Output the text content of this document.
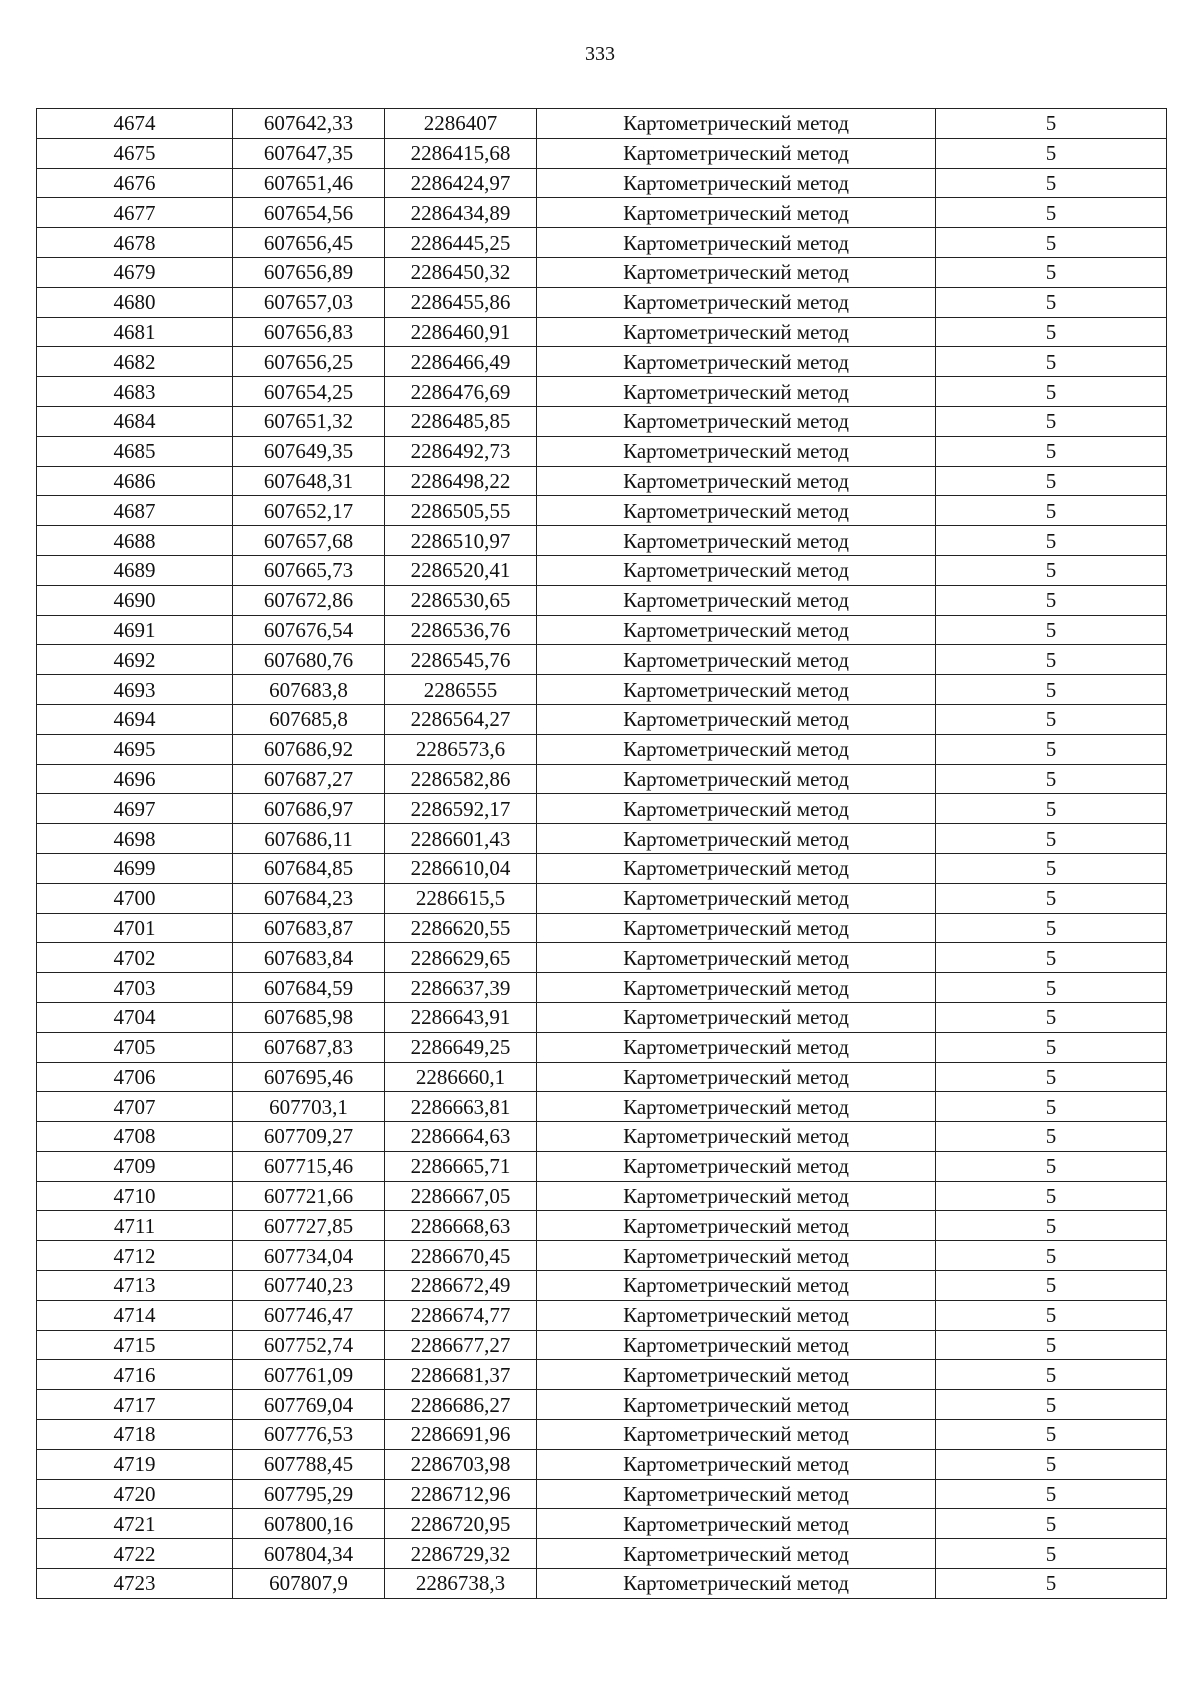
333
4674	607642,33	2286407	Картометрический метод	5
4675	607647,35	2286415,68	Картометрический метод	5
4676	607651,46	2286424,97	Картометрический метод	5
4677	607654,56	2286434,89	Картометрический метод	5
4678	607656,45	2286445,25	Картометрический метод	5
4679	607656,89	2286450,32	Картометрический метод	5
4680	607657,03	2286455,86	Картометрический метод	5
4681	607656,83	2286460,91	Картометрический метод	5
4682	607656,25	2286466,49	Картометрический метод	5
4683	607654,25	2286476,69	Картометрический метод	5
4684	607651,32	2286485,85	Картометрический метод	5
4685	607649,35	2286492,73	Картометрический метод	5
4686	607648,31	2286498,22	Картометрический метод	5
4687	607652,17	2286505,55	Картометрический метод	5
4688	607657,68	2286510,97	Картометрический метод	5
4689	607665,73	2286520,41	Картометрический метод	5
4690	607672,86	2286530,65	Картометрический метод	5
4691	607676,54	2286536,76	Картометрический метод	5
4692	607680,76	2286545,76	Картометрический метод	5
4693	607683,8	2286555	Картометрический метод	5
4694	607685,8	2286564,27	Картометрический метод	5
4695	607686,92	2286573,6	Картометрический метод	5
4696	607687,27	2286582,86	Картометрический метод	5
4697	607686,97	2286592,17	Картометрический метод	5
4698	607686,11	2286601,43	Картометрический метод	5
4699	607684,85	2286610,04	Картометрический метод	5
4700	607684,23	2286615,5	Картометрический метод	5
4701	607683,87	2286620,55	Картометрический метод	5
4702	607683,84	2286629,65	Картометрический метод	5
4703	607684,59	2286637,39	Картометрический метод	5
4704	607685,98	2286643,91	Картометрический метод	5
4705	607687,83	2286649,25	Картометрический метод	5
4706	607695,46	2286660,1	Картометрический метод	5
4707	607703,1	2286663,81	Картометрический метод	5
4708	607709,27	2286664,63	Картометрический метод	5
4709	607715,46	2286665,71	Картометрический метод	5
4710	607721,66	2286667,05	Картометрический метод	5
4711	607727,85	2286668,63	Картометрический метод	5
4712	607734,04	2286670,45	Картометрический метод	5
4713	607740,23	2286672,49	Картометрический метод	5
4714	607746,47	2286674,77	Картометрический метод	5
4715	607752,74	2286677,27	Картометрический метод	5
4716	607761,09	2286681,37	Картометрический метод	5
4717	607769,04	2286686,27	Картометрический метод	5
4718	607776,53	2286691,96	Картометрический метод	5
4719	607788,45	2286703,98	Картометрический метод	5
4720	607795,29	2286712,96	Картометрический метод	5
4721	607800,16	2286720,95	Картометрический метод	5
4722	607804,34	2286729,32	Картометрический метод	5
4723	607807,9	2286738,3	Картометрический метод	5
